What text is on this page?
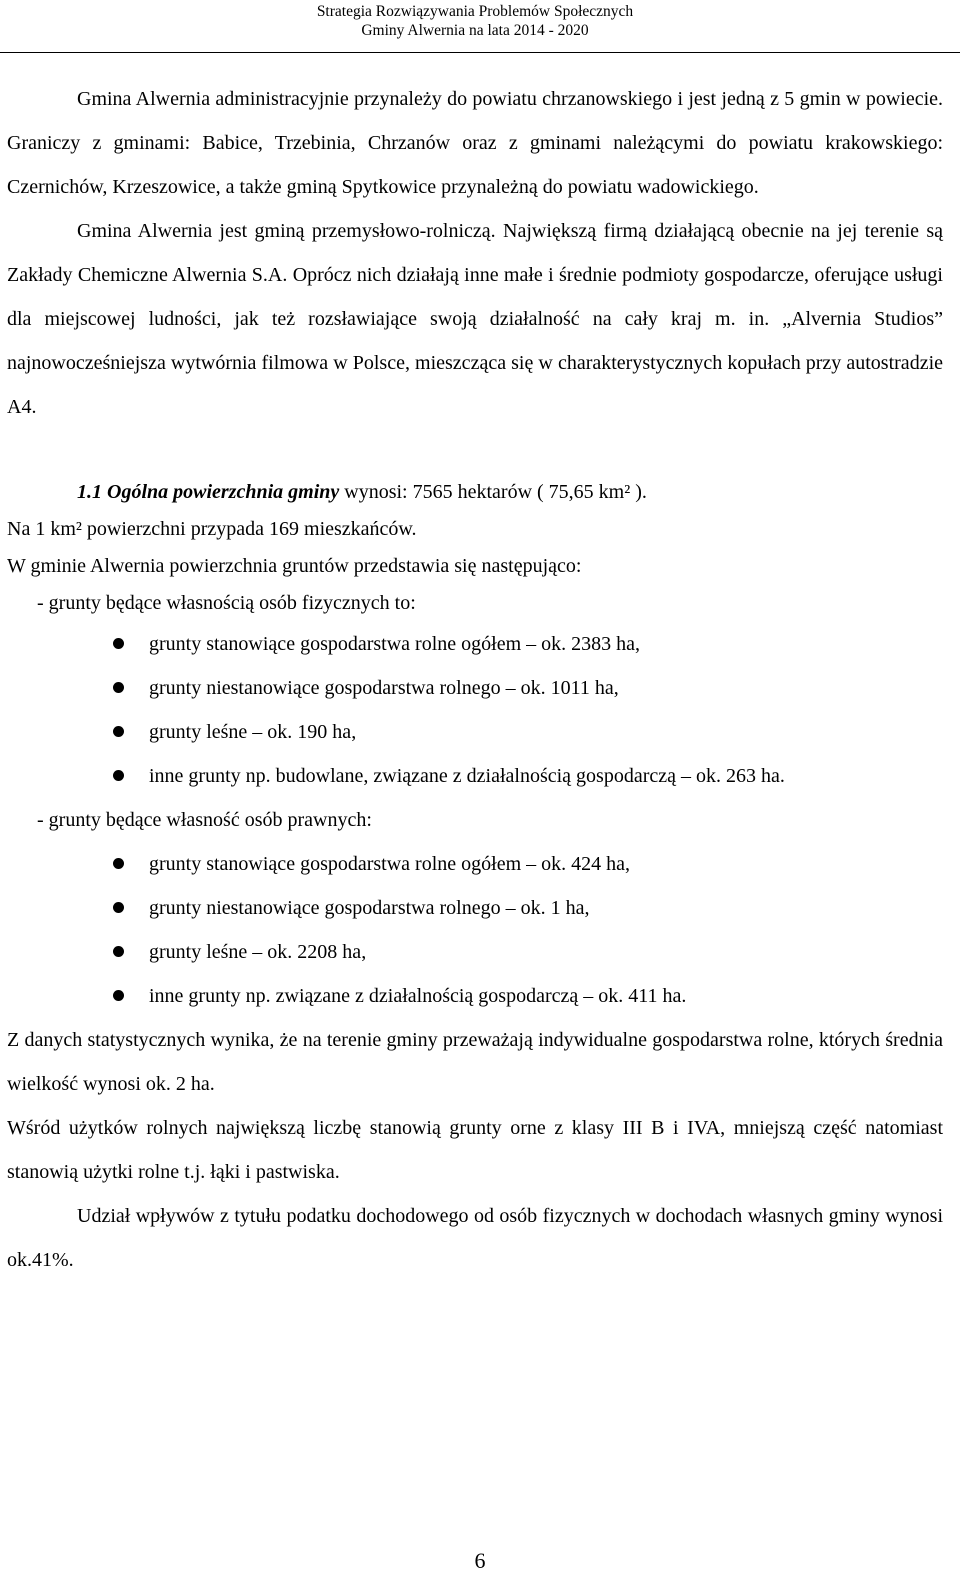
Strategia Rozwiązywania Problemów Społecznych
Gminy Alwernia na lata 2014 - 2020

Gmina Alwernia administracyjnie przynależy do powiatu chrzanowskiego i jest jedną z 5 gmin w powiecie. Graniczy z gminami: Babice, Trzebinia, Chrzanów oraz z gminami należącymi do powiatu krakowskiego: Czernichów, Krzeszowice, a także gminą Spytkowice przynależną do powiatu wadowickiego.

Gmina Alwernia jest gminą przemysłowo-rolniczą. Największą firmą działającą obecnie na jej terenie są Zakłady Chemiczne Alwernia S.A. Oprócz nich działają inne małe i średnie podmioty gospodarcze, oferujące usługi dla miejscowej ludności, jak też rozsławiające swoją działalność na cały kraj m. in. „Alvernia Studios” najnowocześniejsza wytwórnia filmowa w Polsce, mieszcząca się w charakterystycznych kopułach przy autostradzie A4.

1.1 Ogólna powierzchnia gminy wynosi: 7565 hektarów ( 75,65 km² ).

Na 1 km² powierzchni przypada 169 mieszkańców.

W gminie Alwernia powierzchnia gruntów przedstawia się następująco:

- grunty będące własnością osób fizycznych to:

grunty stanowiące gospodarstwa rolne ogółem – ok. 2383 ha,
grunty niestanowiące gospodarstwa rolnego – ok. 1011 ha,
grunty leśne – ok. 190 ha,
inne grunty np. budowlane, związane z działalnością gospodarczą – ok. 263 ha.

- grunty będące własność osób prawnych:

grunty stanowiące gospodarstwa rolne ogółem – ok. 424 ha,
grunty niestanowiące gospodarstwa rolnego – ok. 1 ha,
grunty leśne – ok. 2208 ha,
inne grunty np. związane z działalnością gospodarczą – ok. 411 ha.

Z danych statystycznych wynika, że na terenie gminy przeważają indywidualne gospodarstwa rolne, których średnia wielkość wynosi ok. 2 ha.

Wśród użytków rolnych największą liczbę stanowią grunty orne z klasy III B i IVA, mniejszą część natomiast stanowią użytki rolne t.j. łąki i pastwiska.

Udział wpływów z tytułu podatku dochodowego od osób fizycznych w dochodach własnych gminy wynosi ok.41%.

6
